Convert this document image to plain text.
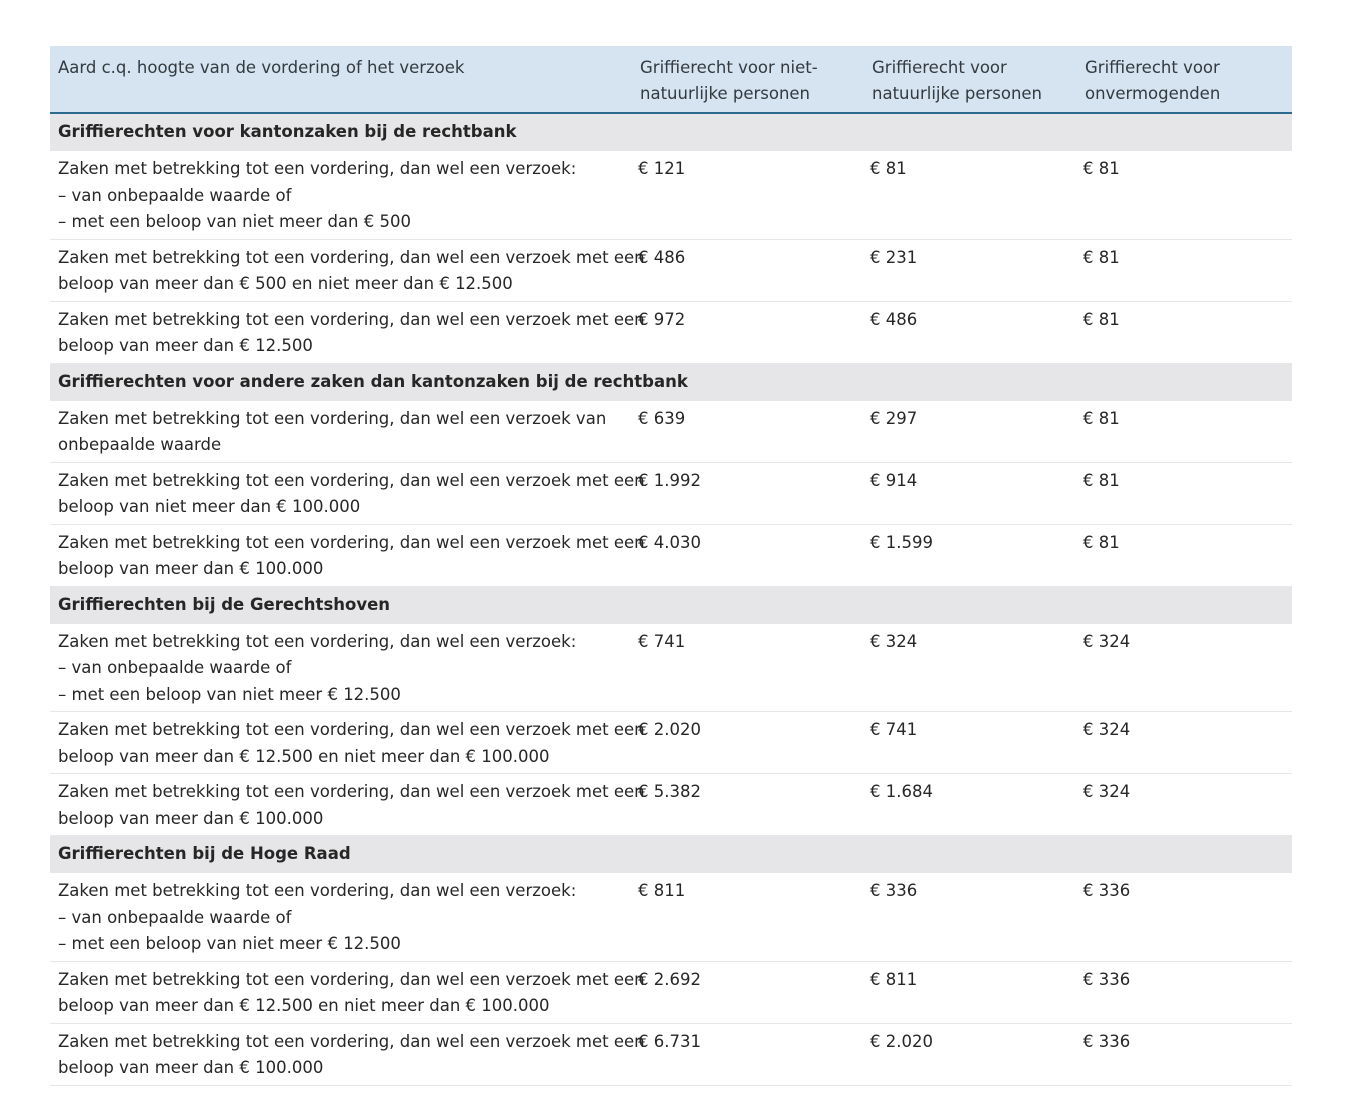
Aard c.q. hoogte van de vordering of het verzoek	Griffierecht voor niet-natuurlijke personen	Griffierecht voor natuurlijke personen	Griffierecht voor onvermogenden
Griffierechten voor kantonzaken bij de rechtbank			

Zaken met betrekking tot een vordering, dan wel een verzoek:
– van onbepaalde waarde of
– met een beloop van niet meer dan € 500	€ 121	€ 81	€ 81

Zaken met betrekking tot een vordering, dan wel een verzoek met een
beloop van meer dan € 500 en niet meer dan € 12.500	€ 486	€ 231	€ 81

Zaken met betrekking tot een vordering, dan wel een verzoek met een
beloop van meer dan € 12.500	€ 972	€ 486	€ 81
Griffierechten voor andere zaken dan kantonzaken bij de rechtbank			

Zaken met betrekking tot een vordering, dan wel een verzoek van
onbepaalde waarde	€ 639	€ 297	€ 81

Zaken met betrekking tot een vordering, dan wel een verzoek met een
beloop van niet meer dan € 100.000	€ 1.992	€ 914	€ 81

Zaken met betrekking tot een vordering, dan wel een verzoek met een
beloop van meer dan € 100.000	€ 4.030	€ 1.599	€ 81
Griffierechten bij de Gerechtshoven			

Zaken met betrekking tot een vordering, dan wel een verzoek:
– van onbepaalde waarde of
– met een beloop van niet meer € 12.500	€ 741	€ 324	€ 324

Zaken met betrekking tot een vordering, dan wel een verzoek met een
beloop van meer dan € 12.500 en niet meer dan € 100.000	€ 2.020	€ 741	€ 324

Zaken met betrekking tot een vordering, dan wel een verzoek met een
beloop van meer dan € 100.000	€ 5.382	€ 1.684	€ 324
Griffierechten bij de Hoge Raad			

Zaken met betrekking tot een vordering, dan wel een verzoek:
– van onbepaalde waarde of
– met een beloop van niet meer € 12.500	€ 811	€ 336	€ 336

Zaken met betrekking tot een vordering, dan wel een verzoek met een
beloop van meer dan € 12.500 en niet meer dan € 100.000	€ 2.692	€ 811	€ 336

Zaken met betrekking tot een vordering, dan wel een verzoek met een
beloop van meer dan € 100.000	€ 6.731	€ 2.020	€ 336
